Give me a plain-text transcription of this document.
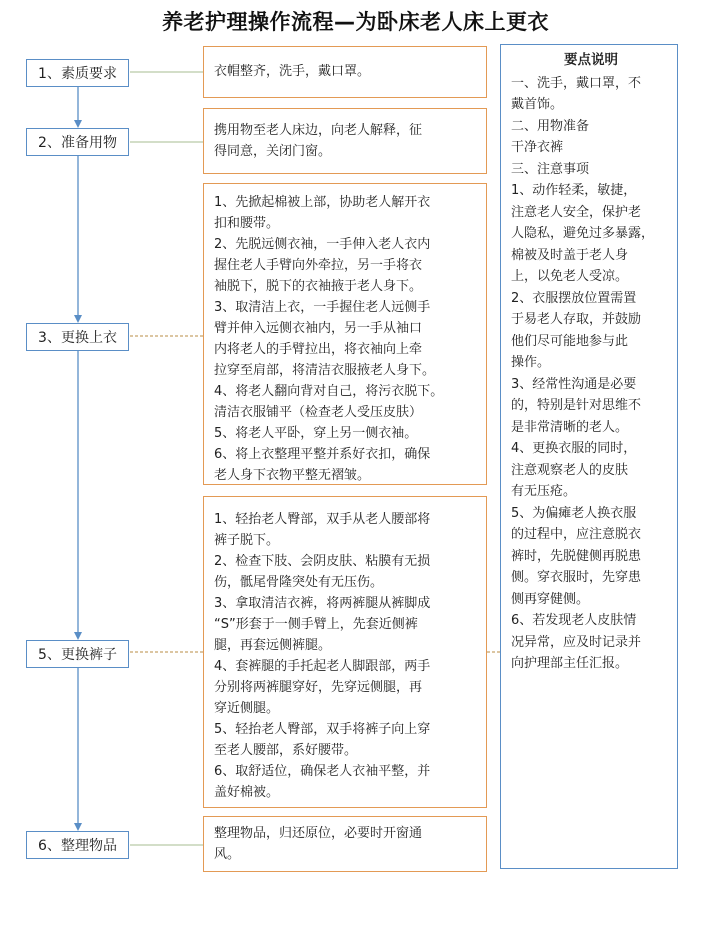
养老护理操作流程—为卧床老人床上更衣
1、素质要求
2、准备用物
3、更换上衣
5、更换裤子
6、整理物品

衣帽整齐，洗手，戴口罩。

携用物至老人床边，向老人解释，征

得同意，关闭门窗。

1、先掀起棉被上部，协助老人解开衣

扣和腰带。

2、先脱远侧衣袖，一手伸入老人衣内

握住老人手臂向外牵拉，另一手将衣

袖脱下，脱下的衣袖掖于老人身下。

3、取清洁上衣，一手握住老人远侧手

臂并伸入远侧衣袖内，另一手从袖口

内将老人的手臂拉出，将衣袖向上牵

拉穿至肩部，将清洁衣服掖老人身下。

4、将老人翻向背对自己，将污衣脱下。

清洁衣服铺平（检查老人受压皮肤）

5、将老人平卧，穿上另一侧衣袖。

6、将上衣整理平整并系好衣扣，确保

老人身下衣物平整无褶皱。

1、轻抬老人臀部，双手从老人腰部将

裤子脱下。

2、检查下肢、会阴皮肤、粘膜有无损

伤，骶尾骨隆突处有无压伤。

3、拿取清洁衣裤，将两裤腿从裤脚成

“S”形套于一侧手臂上，先套近侧裤

腿，再套远侧裤腿。

4、套裤腿的手托起老人脚跟部，两手

分别将两裤腿穿好，先穿远侧腿，再

穿近侧腿。

5、轻抬老人臀部，双手将裤子向上穿

至老人腰部，系好腰带。

6、取舒适位，确保老人衣袖平整，并

盖好棉被。

整理物品，归还原位，必要时开窗通

风。

要点说明

一、洗手，戴口罩，不

戴首饰。

二、用物准备

干净衣裤

三、注意事项

1、动作轻柔，敏捷，

注意老人安全，保护老

人隐私，避免过多暴露，

棉被及时盖于老人身

上，以免老人受凉。

2、衣服摆放位置需置

于易老人存取，并鼓励

他们尽可能地参与此

操作。

3、经常性沟通是必要

的，特别是针对思维不

是非常清晰的老人。

4、更换衣服的同时，

注意观察老人的皮肤

有无压疮。

5、为偏瘫老人换衣服

的过程中，应注意脱衣

裤时，先脱健侧再脱患

侧。穿衣服时，先穿患

侧再穿健侧。

6、若发现老人皮肤情

况异常，应及时记录并

向护理部主任汇报。
